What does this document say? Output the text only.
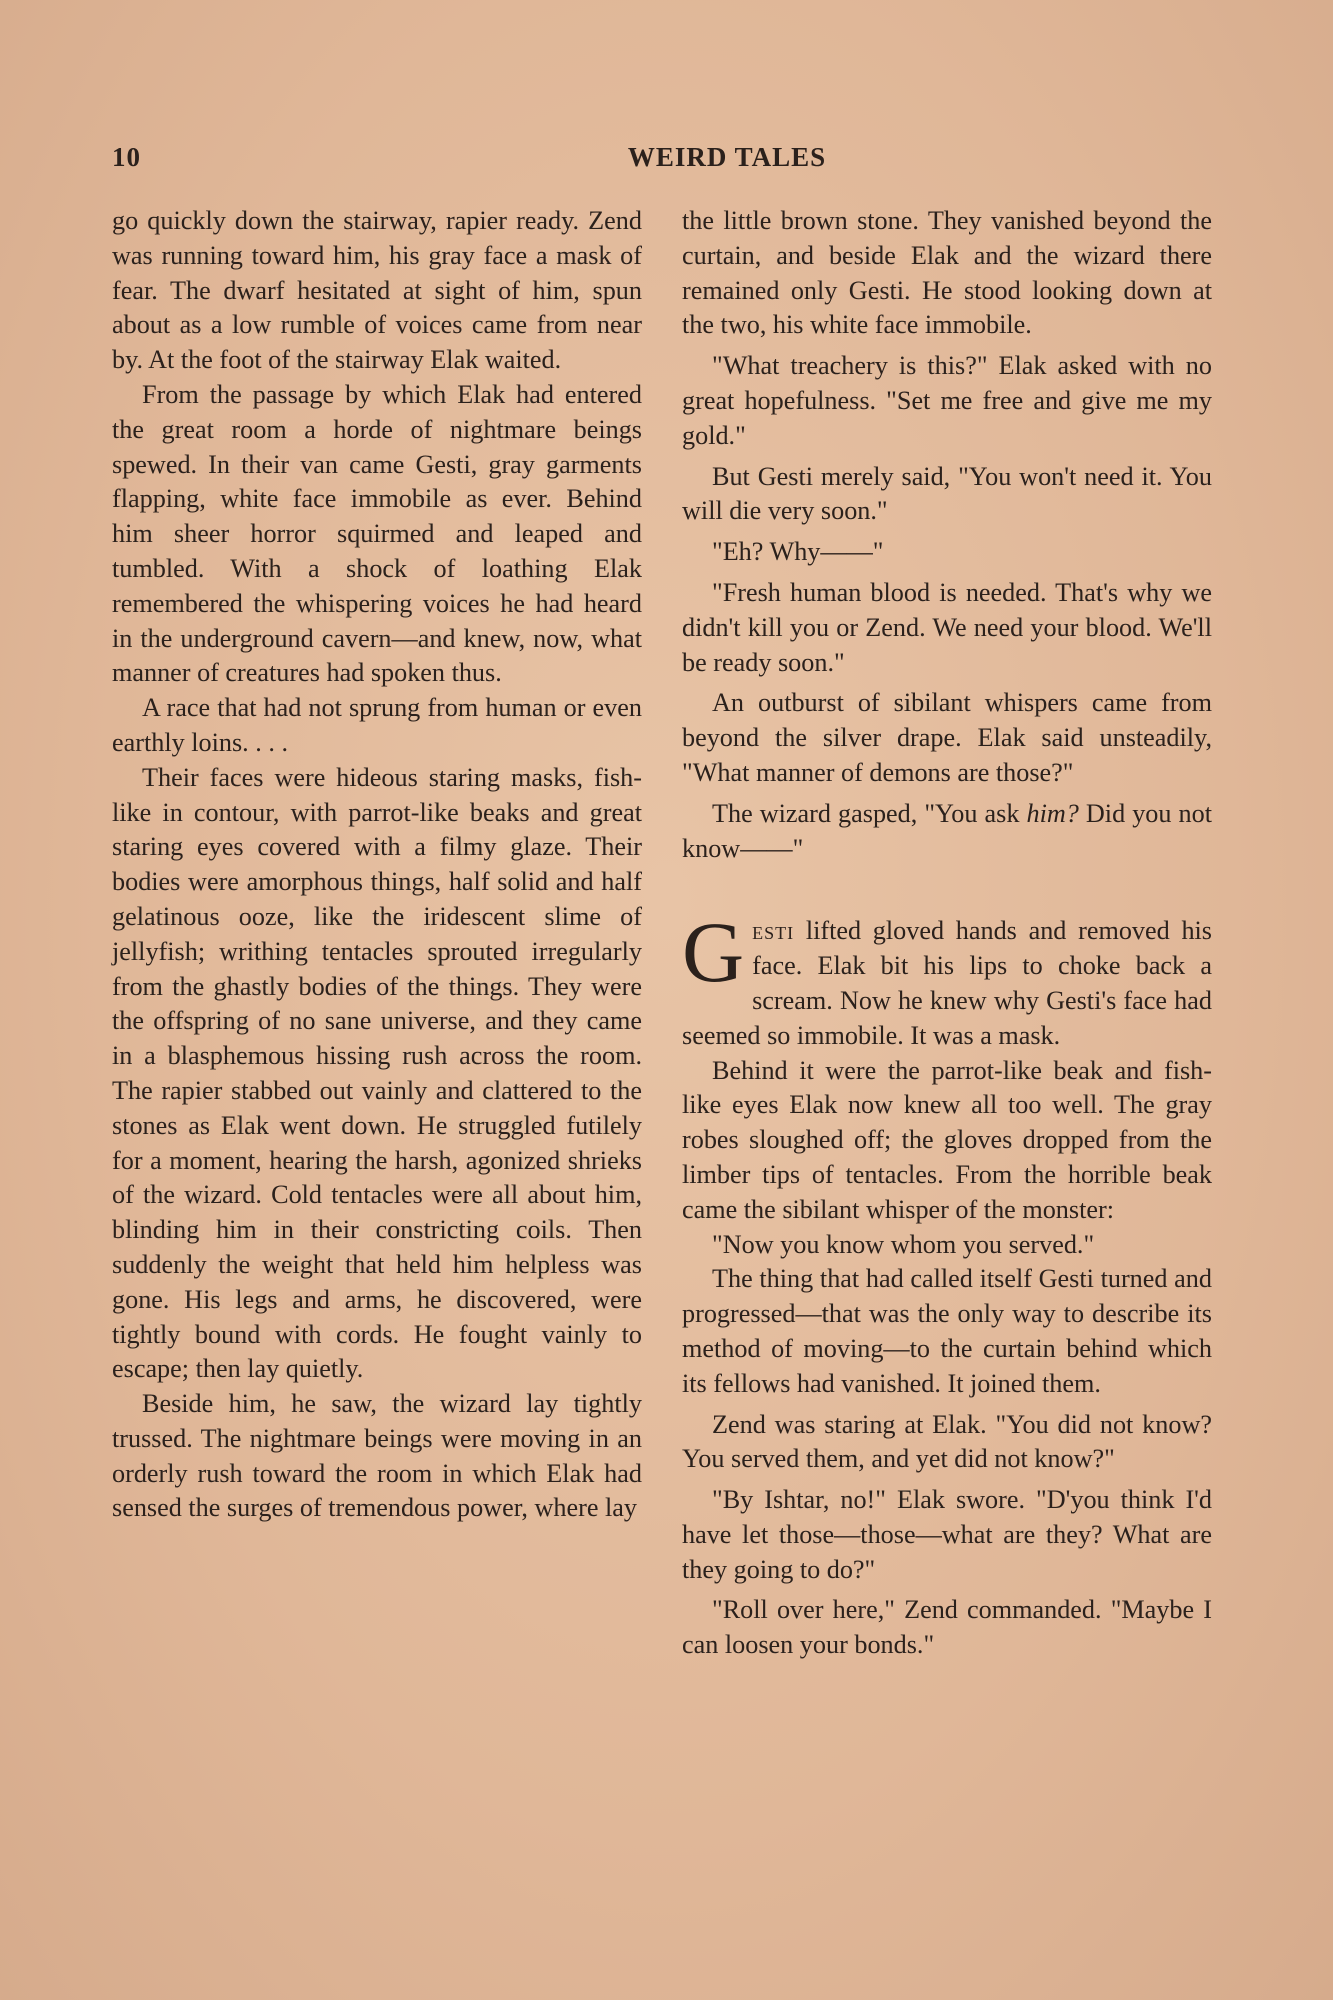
10	WEIRD TALES

go quickly down the stairway, rapier ready. Zend was running toward him, his gray face a mask of fear. The dwarf hesitated at sight of him, spun about as a low rumble of voices came from near by. At the foot of the stairway Elak waited.

From the passage by which Elak had entered the great room a horde of nightmare beings spewed. In their van came Gesti, gray garments flapping, white face immobile as ever. Behind him sheer horror squirmed and leaped and tumbled. With a shock of loathing Elak remembered the whispering voices he had heard in the underground cavern—and knew, now, what manner of creatures had spoken thus.

A race that had not sprung from human or even earthly loins. . . .

Their faces were hideous staring masks, fish-like in contour, with parrot-like beaks and great staring eyes covered with a filmy glaze. Their bodies were amorphous things, half solid and half gelatinous ooze, like the iridescent slime of jellyfish; writhing tentacles sprouted irregularly from the ghastly bodies of the things. They were the offspring of no sane universe, and they came in a blasphemous hissing rush across the room. The rapier stabbed out vainly and clattered to the stones as Elak went down. He struggled futilely for a moment, hearing the harsh, agonized shrieks of the wizard. Cold tentacles were all about him, blinding him in their constricting coils. Then suddenly the weight that held him helpless was gone. His legs and arms, he discovered, were tightly bound with cords. He fought vainly to escape; then lay quietly.

Beside him, he saw, the wizard lay tightly trussed. The nightmare beings were moving in an orderly rush toward the room in which Elak had sensed the surges of tremendous power, where lay

the little brown stone. They vanished beyond the curtain, and beside Elak and the wizard there remained only Gesti. He stood looking down at the two, his white face immobile.

"What treachery is this?" Elak asked with no great hopefulness. "Set me free and give me my gold."

But Gesti merely said, "You won't need it. You will die very soon."

"Eh? Why——"

"Fresh human blood is needed. That's why we didn't kill you or Zend. We need your blood. We'll be ready soon."

An outburst of sibilant whispers came from beyond the silver drape. Elak said unsteadily, "What manner of demons are those?"

The wizard gasped, "You ask him? Did you not know——"

Gesti lifted gloved hands and removed his face. Elak bit his lips to choke back a scream. Now he knew why Gesti's face had seemed so immobile. It was a mask.

Behind it were the parrot-like beak and fish-like eyes Elak now knew all too well. The gray robes sloughed off; the gloves dropped from the limber tips of tentacles. From the horrible beak came the sibilant whisper of the monster:

"Now you know whom you served."

The thing that had called itself Gesti turned and progressed—that was the only way to describe its method of moving—to the curtain behind which its fellows had vanished. It joined them.

Zend was staring at Elak. "You did not know? You served them, and yet did not know?"

"By Ishtar, no!" Elak swore. "D'you think I'd have let those—those—what are they? What are they going to do?"

"Roll over here," Zend commanded. "Maybe I can loosen your bonds."
